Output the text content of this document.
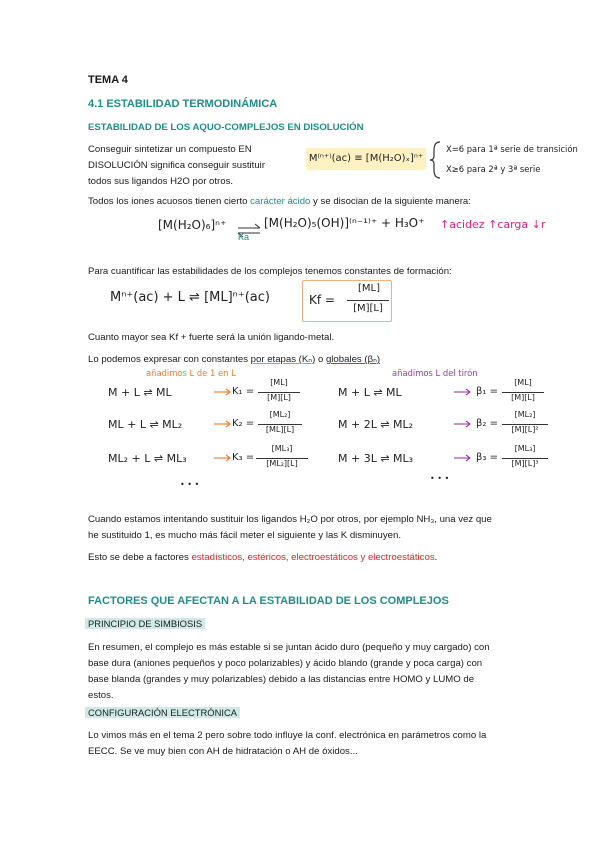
TEMA 4
4.1 ESTABILIDAD TERMODINÁMICA
ESTABILIDAD DE LOS AQUO-COMPLEJOS EN DISOLUCIÓN
Conseguir sintetizar un compuesto EN
DISOLUCIÓN significa conseguir sustituir
todos sus ligandos H2O por otros.
M⁽ⁿ⁺⁾(ac) ≡ [M(H₂O)ₓ]ⁿ⁺
X=6 para 1ª serie de transición
X≥6 para 2ª y 3ª serie
Todos los iones acuosos tienen cierto carácter ácido y se disocian de la siguiente manera:
[M(H₂O)₆]ⁿ⁺ ⇌
Ka
[M(H₂O)₅(OH)]⁽ⁿ⁻¹⁾⁺ + H₃O⁺ ↑acidez ↑carga ↓r
Para cuantificar las estabilidades de los complejos tenemos constantes de formación:
Mⁿ⁺(ac) + L ⇌ [ML]ⁿ⁺(ac)	Kf =
[ML]
[M][L]
Cuanto mayor sea Kf + fuerte será la unión ligando-metal.
Lo podemos expresar con constantes por etapas (Kₙ) o globales (βₙ)
añadimos L de 1 en L	añadimos L del tirón
M + L ⇌ ML	K₁ =
[ML]
[M][L]
ML + L ⇌ ML₂	K₂ =
[ML₂]
[ML][L]
ML₂ + L ⇌ ML₃	K₃ =
[ML₃]
[ML₂][L]
• • •
M + L ⇌ ML	β₁ =
[ML]
[M][L]
M + 2L ⇌ ML₂	β₂ =
[ML₂]
[M][L]²
M + 3L ⇌ ML₃	β₃ =
[ML₃]
[M][L]³
• • •
Cuando estamos intentando sustituir los ligandos H₂O por otros, por ejemplo NH₃, una vez que
he sustituido 1, es mucho más fácil meter el siguiente y las K disminuyen.
Esto se debe a factores estadísticos, estéricos, electroestáticos y electroestáticos.
FACTORES QUE AFECTAN A LA ESTABILIDAD DE LOS COMPLEJOS
PRINCIPIO DE SIMBIOSIS
En resumen, el complejo es más estable si se juntan ácido duro (pequeño y muy cargado) con
base dura (aniones pequeños y poco polarizables) y ácido blando (grande y poca carga) con
base blanda (grandes y muy polarizables) debido a las distancias entre HOMO y LUMO de
estos.
CONFIGURACIÓN ELECTRÓNICA
Lo vimos más en el tema 2 pero sobre todo influye la conf. electrónica en parámetros como la
EECC. Se ve muy bien con AH de hidratación o AH de óxidos...
